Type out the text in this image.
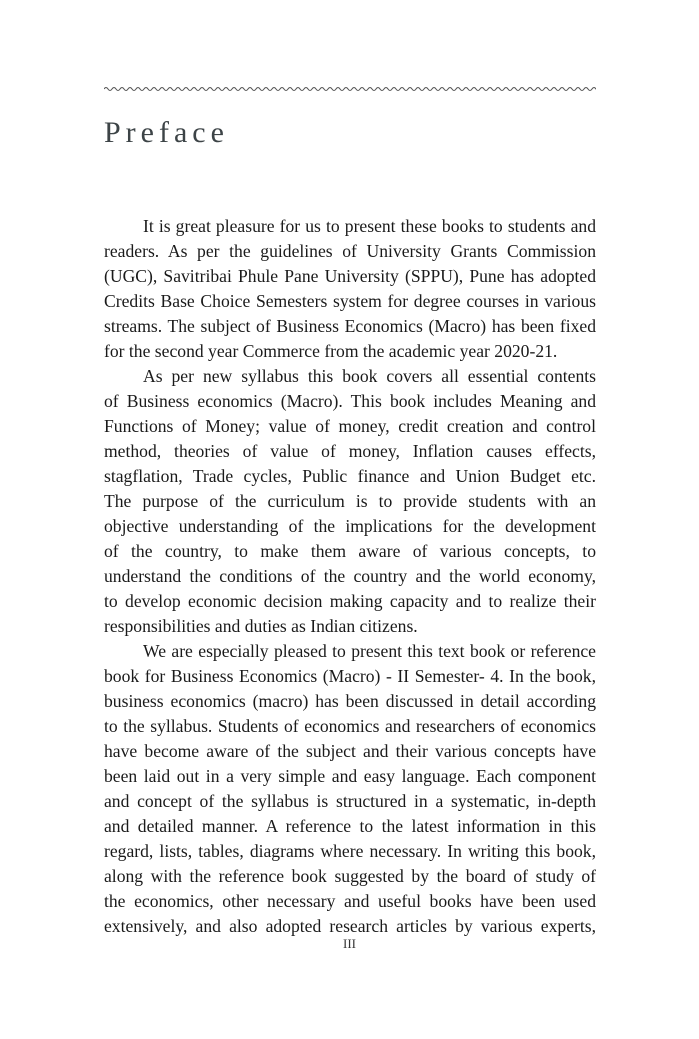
Preface
It is great pleasure for us to present these books to students and
readers. As per the guidelines of University Grants Commission
(UGC), Savitribai Phule Pane University (SPPU), Pune has adopted
Credits Base Choice Semesters system for degree courses in various
streams. The subject of Business Economics (Macro) has been fixed
for the second year Commerce from the academic year 2020-21.
As per new syllabus this book covers all essential contents
of Business economics (Macro). This book includes Meaning and
Functions of Money; value of money, credit creation and control
method, theories of value of money, Inflation causes effects,
stagflation, Trade cycles, Public finance and Union Budget etc.
The purpose of the curriculum is to provide students with an
objective understanding of the implications for the development
of the country, to make them aware of various concepts, to
understand the conditions of the country and the world economy,
to develop economic decision making capacity and to realize their
responsibilities and duties as Indian citizens.
We are especially pleased to present this text book or reference
book for Business Economics (Macro) - II Semester- 4. In the book,
business economics (macro) has been discussed in detail according
to the syllabus. Students of economics and researchers of economics
have become aware of the subject and their various concepts have
been laid out in a very simple and easy language. Each component
and concept of the syllabus is structured in a systematic, in-depth
and detailed manner. A reference to the latest information in this
regard, lists, tables, diagrams where necessary. In writing this book,
along with the reference book suggested by the board of study of
the economics, other necessary and useful books have been used
extensively, and also adopted research articles by various experts,
III
